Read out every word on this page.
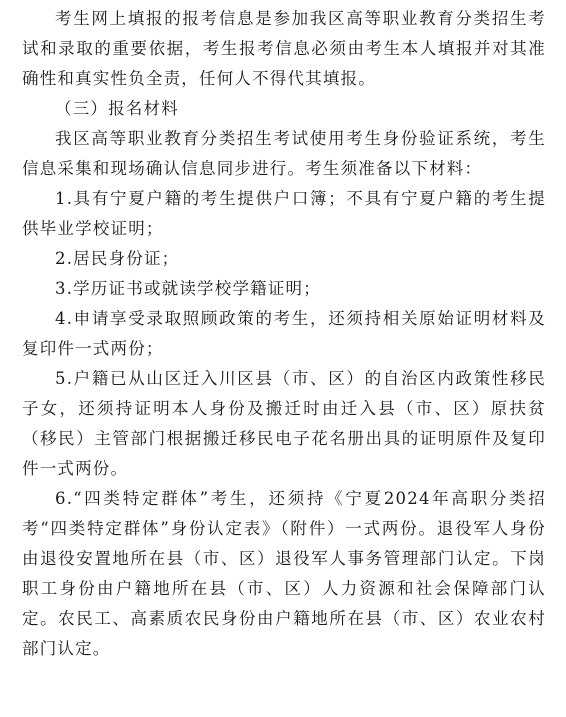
考生网上填报的报考信息是参加我区高等职业教育分类招生考试和录取的重要依据，考生报考信息必须由考生本人填报并对其准确性和真实性负全责，任何人不得代其填报。

（三）报名材料

我区高等职业教育分类招生考试使用考生身份验证系统，考生信息采集和现场确认信息同步进行。考生须准备以下材料：

1.具有宁夏户籍的考生提供户口簿；不具有宁夏户籍的考生提供毕业学校证明；

2.居民身份证；

3.学历证书或就读学校学籍证明；

4.申请享受录取照顾政策的考生，还须持相关原始证明材料及复印件一式两份；

5.户籍已从山区迁入川区县（市、区）的自治区内政策性移民子女，还须持证明本人身份及搬迁时由迁入县（市、区）原扶贫（移民）主管部门根据搬迁移民电子花名册出具的证明原件及复印件一式两份。

6.“四类特定群体”考生，还须持《宁夏2024年高职分类招考“四类特定群体”身份认定表》（附件）一式两份。退役军人身份由退役安置地所在县（市、区）退役军人事务管理部门认定。下岗职工身份由户籍地所在县（市、区）人力资源和社会保障部门认定。农民工、高素质农民身份由户籍地所在县（市、区）农业农村部门认定。
